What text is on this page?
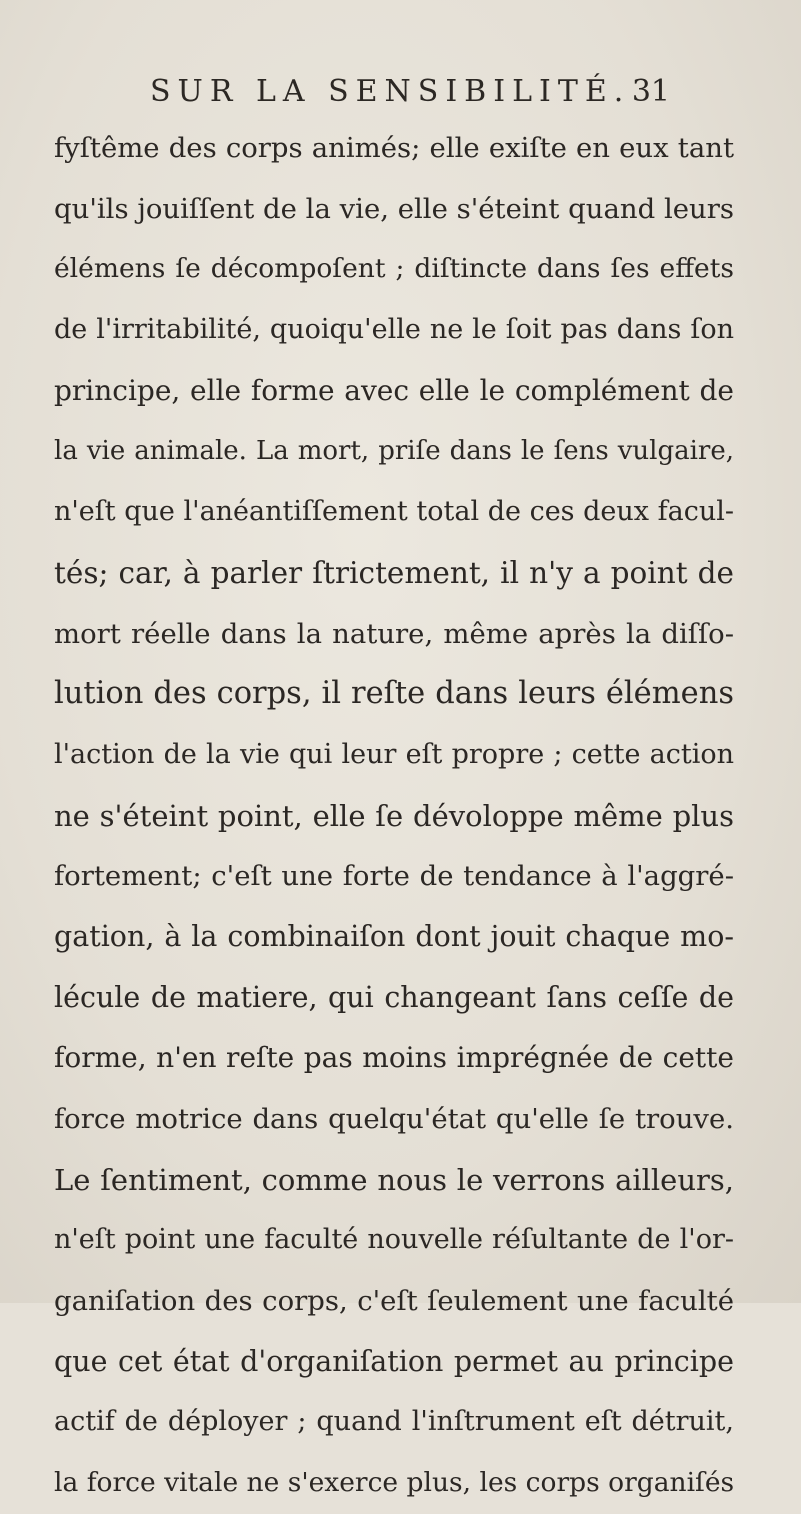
SUR LA SENSIBILITÉ. 31
fyſtême des corps animés; elle exiſte en eux tant
qu'ils jouiſſent de la vie, elle s'éteint quand leurs
élémens ſe décompoſent ; diſtincte dans ſes effets
de l'irritabilité, quoiqu'elle ne le ſoit pas dans ſon
principe, elle forme avec elle le complément de
la vie animale. La mort, priſe dans le ſens vulgaire,
n'eſt que l'anéantiſſement total de ces deux facul-
tés; car, à parler ſtrictement, il n'y a point de
mort réelle dans la nature, même après la diſſo-
lution des corps, il reſte dans leurs élémens
l'action de la vie qui leur eſt propre ; cette action
ne s'éteint point, elle ſe dévoloppe même plus
fortement; c'eſt une forte de tendance à l'aggré-
gation, à la combinaiſon dont jouit chaque mo-
lécule de matiere, qui changeant ſans ceſſe de
forme, n'en reſte pas moins imprégnée de cette
force motrice dans quelqu'état qu'elle ſe trouve.
Le ſentiment, comme nous le verrons ailleurs,
n'eſt point une faculté nouvelle réſultante de l'or-
ganiſation des corps, c'eſt ſeulement une faculté
que cet état d'organiſation permet au principe
actif de déployer ; quand l'inſtrument eſt détruit,
la force vitale ne s'exerce plus, les corps organiſés
